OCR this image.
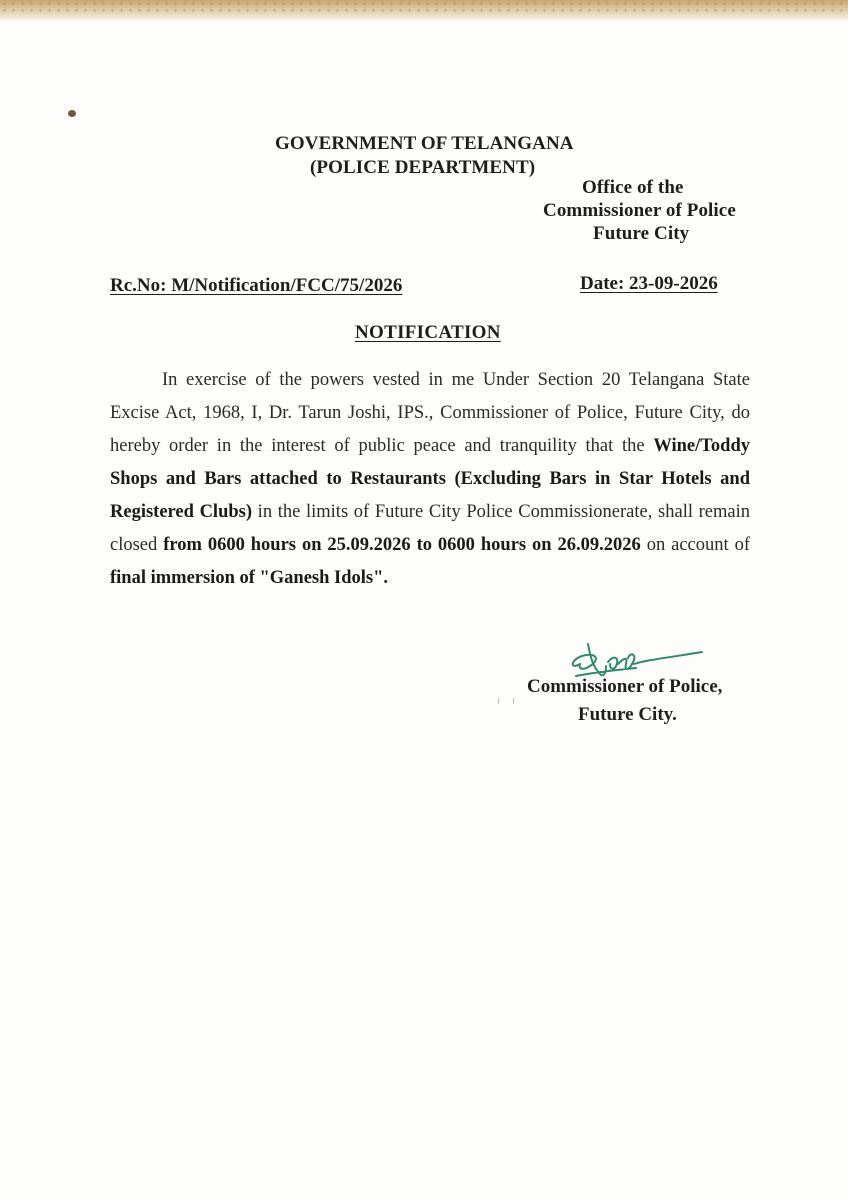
GOVERNMENT OF TELANGANA
(POLICE DEPARTMENT)
Office of the
Commissioner of Police
Future City
Rc.No: M/Notification/FCC/75/2026	Date: 23-09-2026
NOTIFICATION

In exercise of the powers vested in me Under Section 20 Telangana State Excise Act, 1968, I, Dr. Tarun Joshi, IPS., Commissioner of Police, Future City, do hereby order in the interest of public peace and tranquility that the Wine/Toddy Shops and Bars attached to Restaurants (Excluding Bars in Star Hotels and Registered Clubs) in the limits of Future City Police Commissionerate, shall remain closed from 0600 hours on 25.09.2026 to 0600 hours on 26.09.2026 on account of final immersion of "Ganesh Idols".

Commissioner of Police,
Future City.
